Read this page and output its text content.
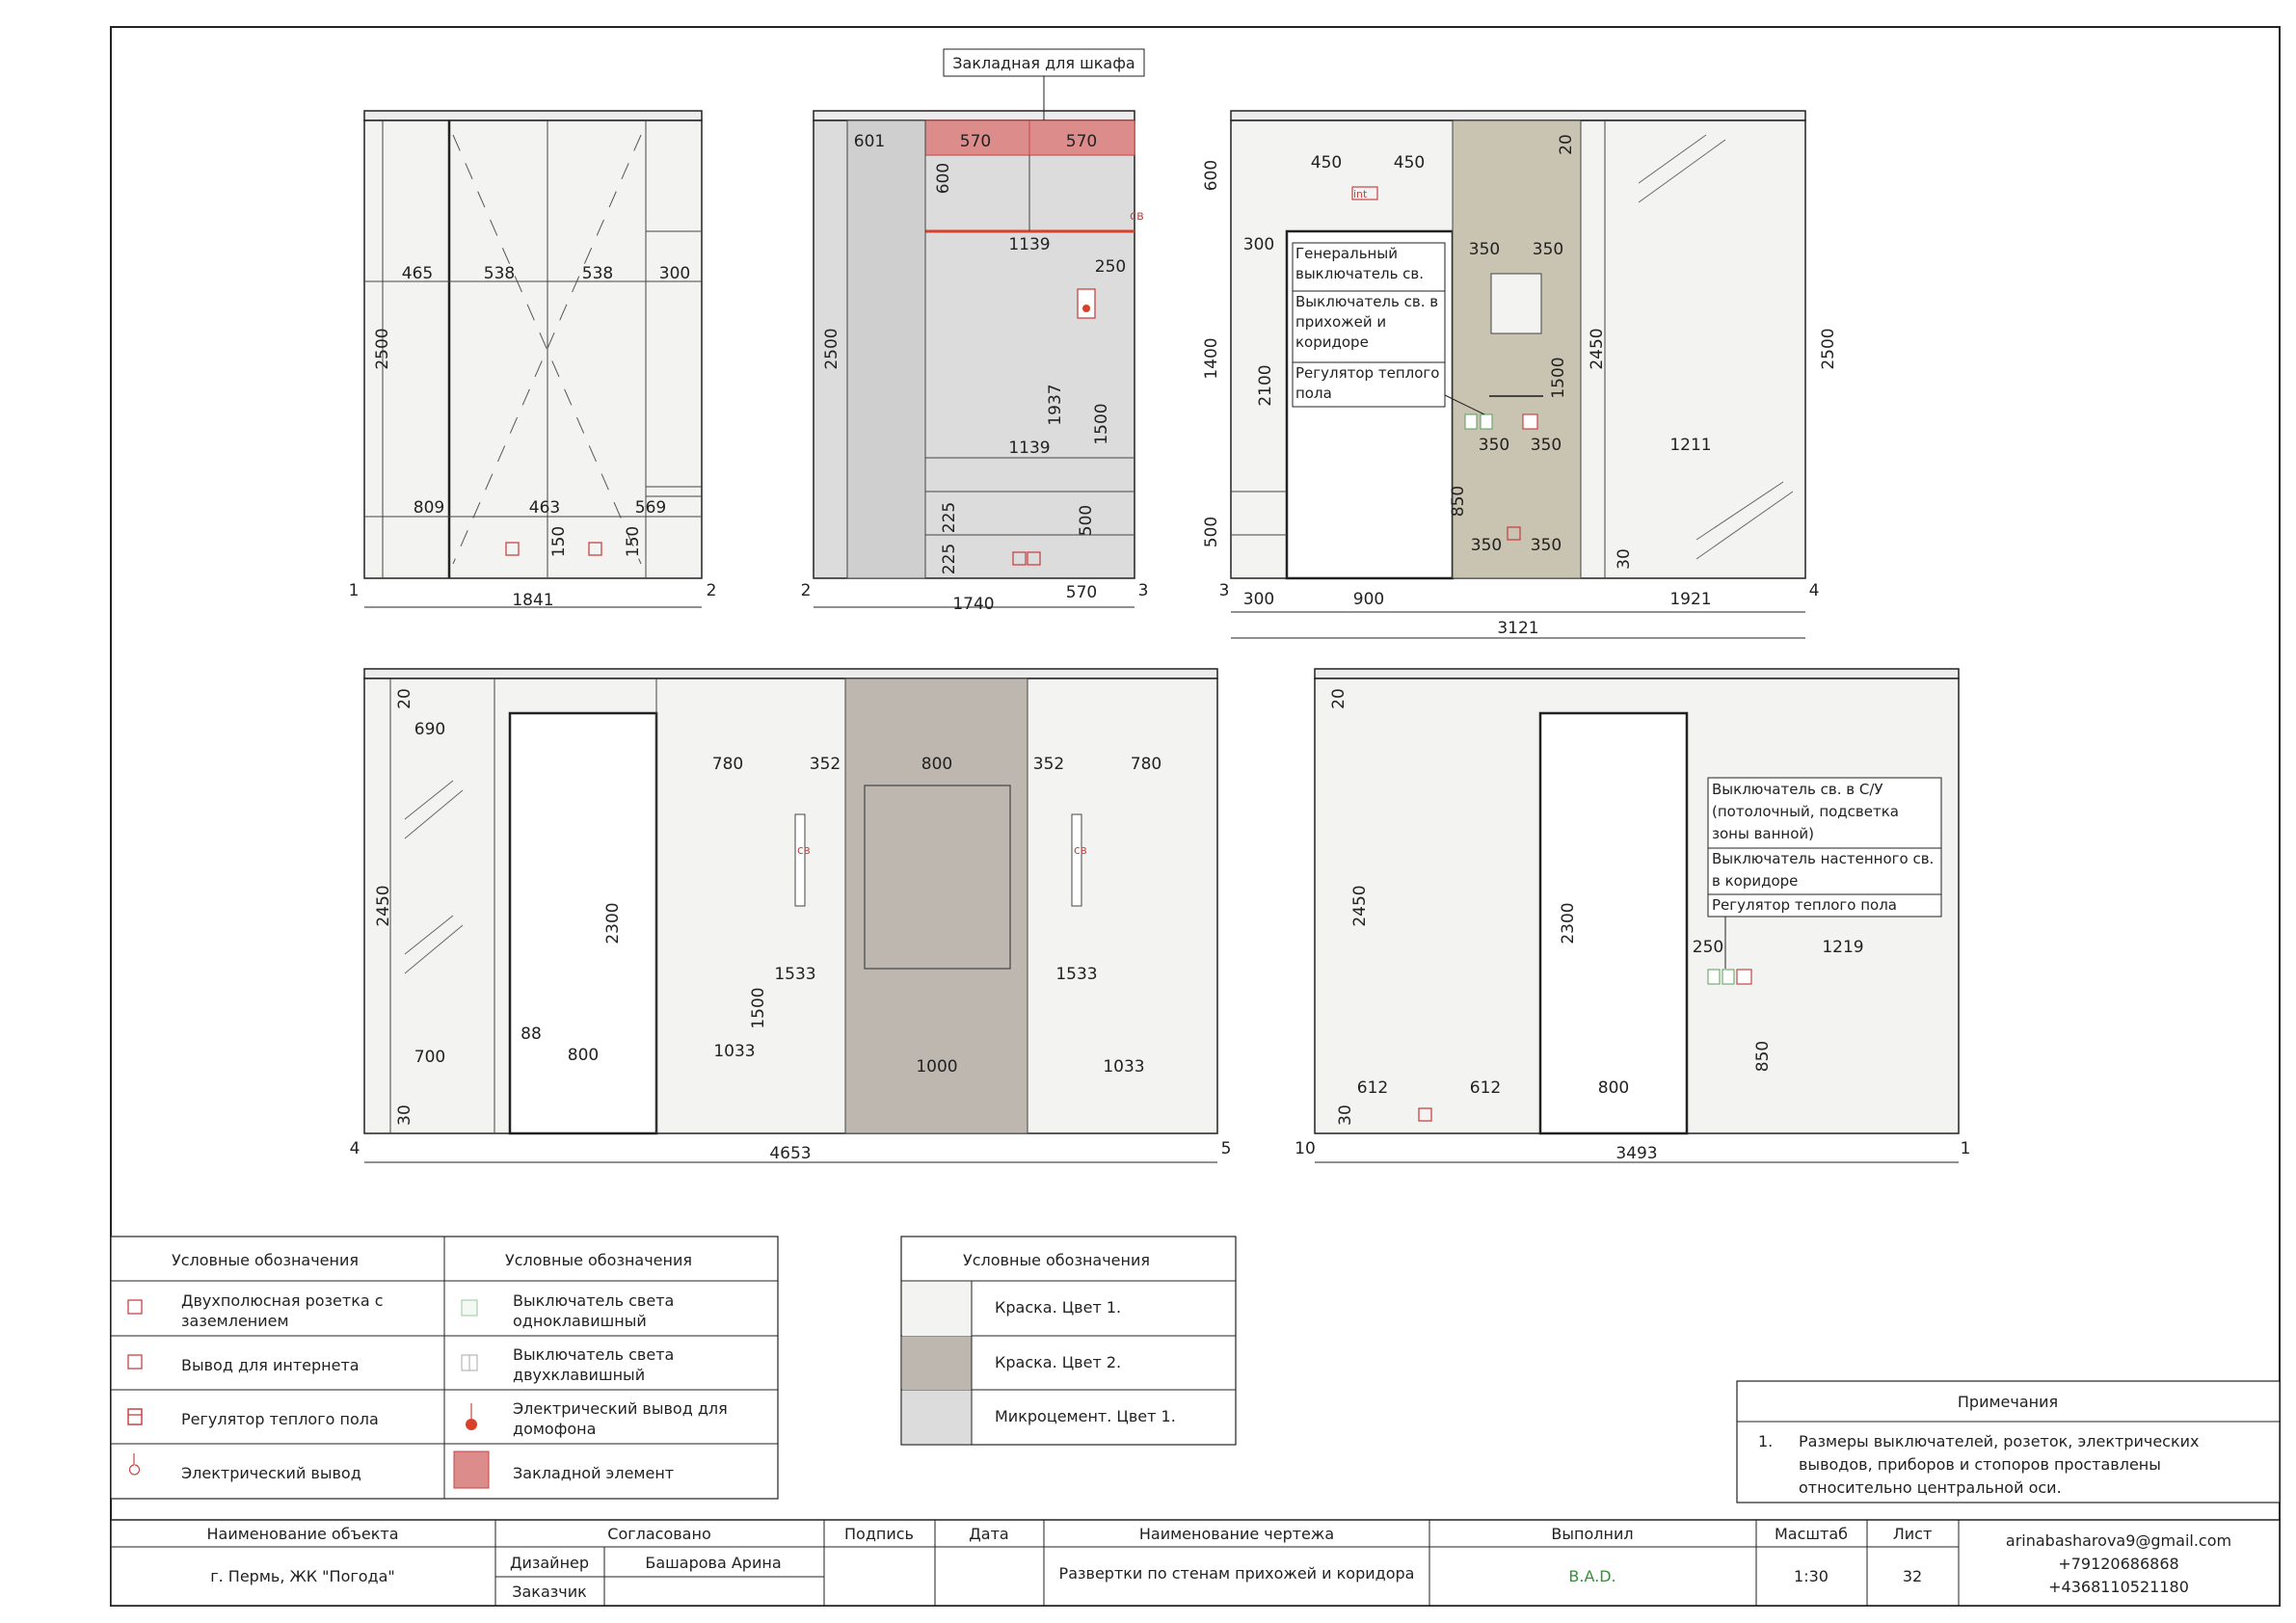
465	538	538	300
809	463	569
150	150
2500
1841
1	2
св
Закладная для шкафа
601	570	570
600
1139
250
1937 1500
1139
225
225
500
570
2500
1740
2	3
int
Генеральный выключатель св.
Выключатель св. в прихожей и коридоре
Регулятор теплого пола
600	450	450
20
300	350 350
1400
2100
2450
1500
350 350	1211
850
500	350 350
30
300	900	1921
2500
3121
3	4
св	св
20
690
780	352	800	352	780
2450	2300
1533	1533
1500
88
800	1033
1000	1033
700
30
4653
4	5
Выключатель св. в С/У (потолочный, подсветка зоны ванной)
Выключатель настенного св. в коридоре
Регулятор теплого пола
20
2450	2300
250	1219
850
612	612	800
30
3493
10	1
Условные обозначения	Условные обозначения
Двухполюсная розетка с заземлением
Вывод для интернета
Регулятор теплого пола
Электрический вывод
Выключатель света одноклавишный
Выключатель света двухклавишный
Электрический вывод для домофона
Закладной элемент
Условные обозначения
Краска. Цвет 1.
Краска. Цвет 2.
Микроцемент. Цвет 1.
Примечания
1. Размеры выключателей, розеток, электрических
выводов, приборов и стопоров проставлены
относительно центральной оси.
Наименование объекта	Согласовано	Подпись	Дата	Наименование чертежа	Выполнил	Масштаб	Лист
г. Пермь, ЖК "Погода"
Дизайнер	Башарова Арина
Заказчик
Развертки по стенам прихожей и коридора	B.A.D.	1:30	32
arinabasharova9@gmail.com
+79120686868
+4368110521180
